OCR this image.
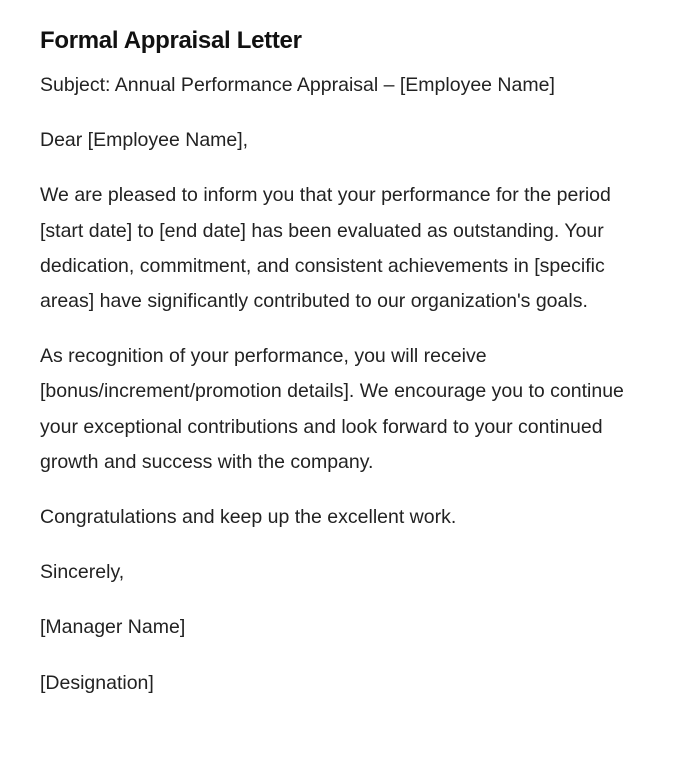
Formal Appraisal Letter

Subject: Annual Performance Appraisal – [Employee Name]

Dear [Employee Name],

We are pleased to inform you that your performance for the period [start date] to [end date] has been evaluated as outstanding. Your dedication, commitment, and consistent achievements in [specific areas] have significantly contributed to our organization's goals.

As recognition of your performance, you will receive [bonus/increment/promotion details]. We encourage you to continue your exceptional contributions and look forward to your continued growth and success with the company.

Congratulations and keep up the excellent work.

Sincerely,

[Manager Name]

[Designation]
